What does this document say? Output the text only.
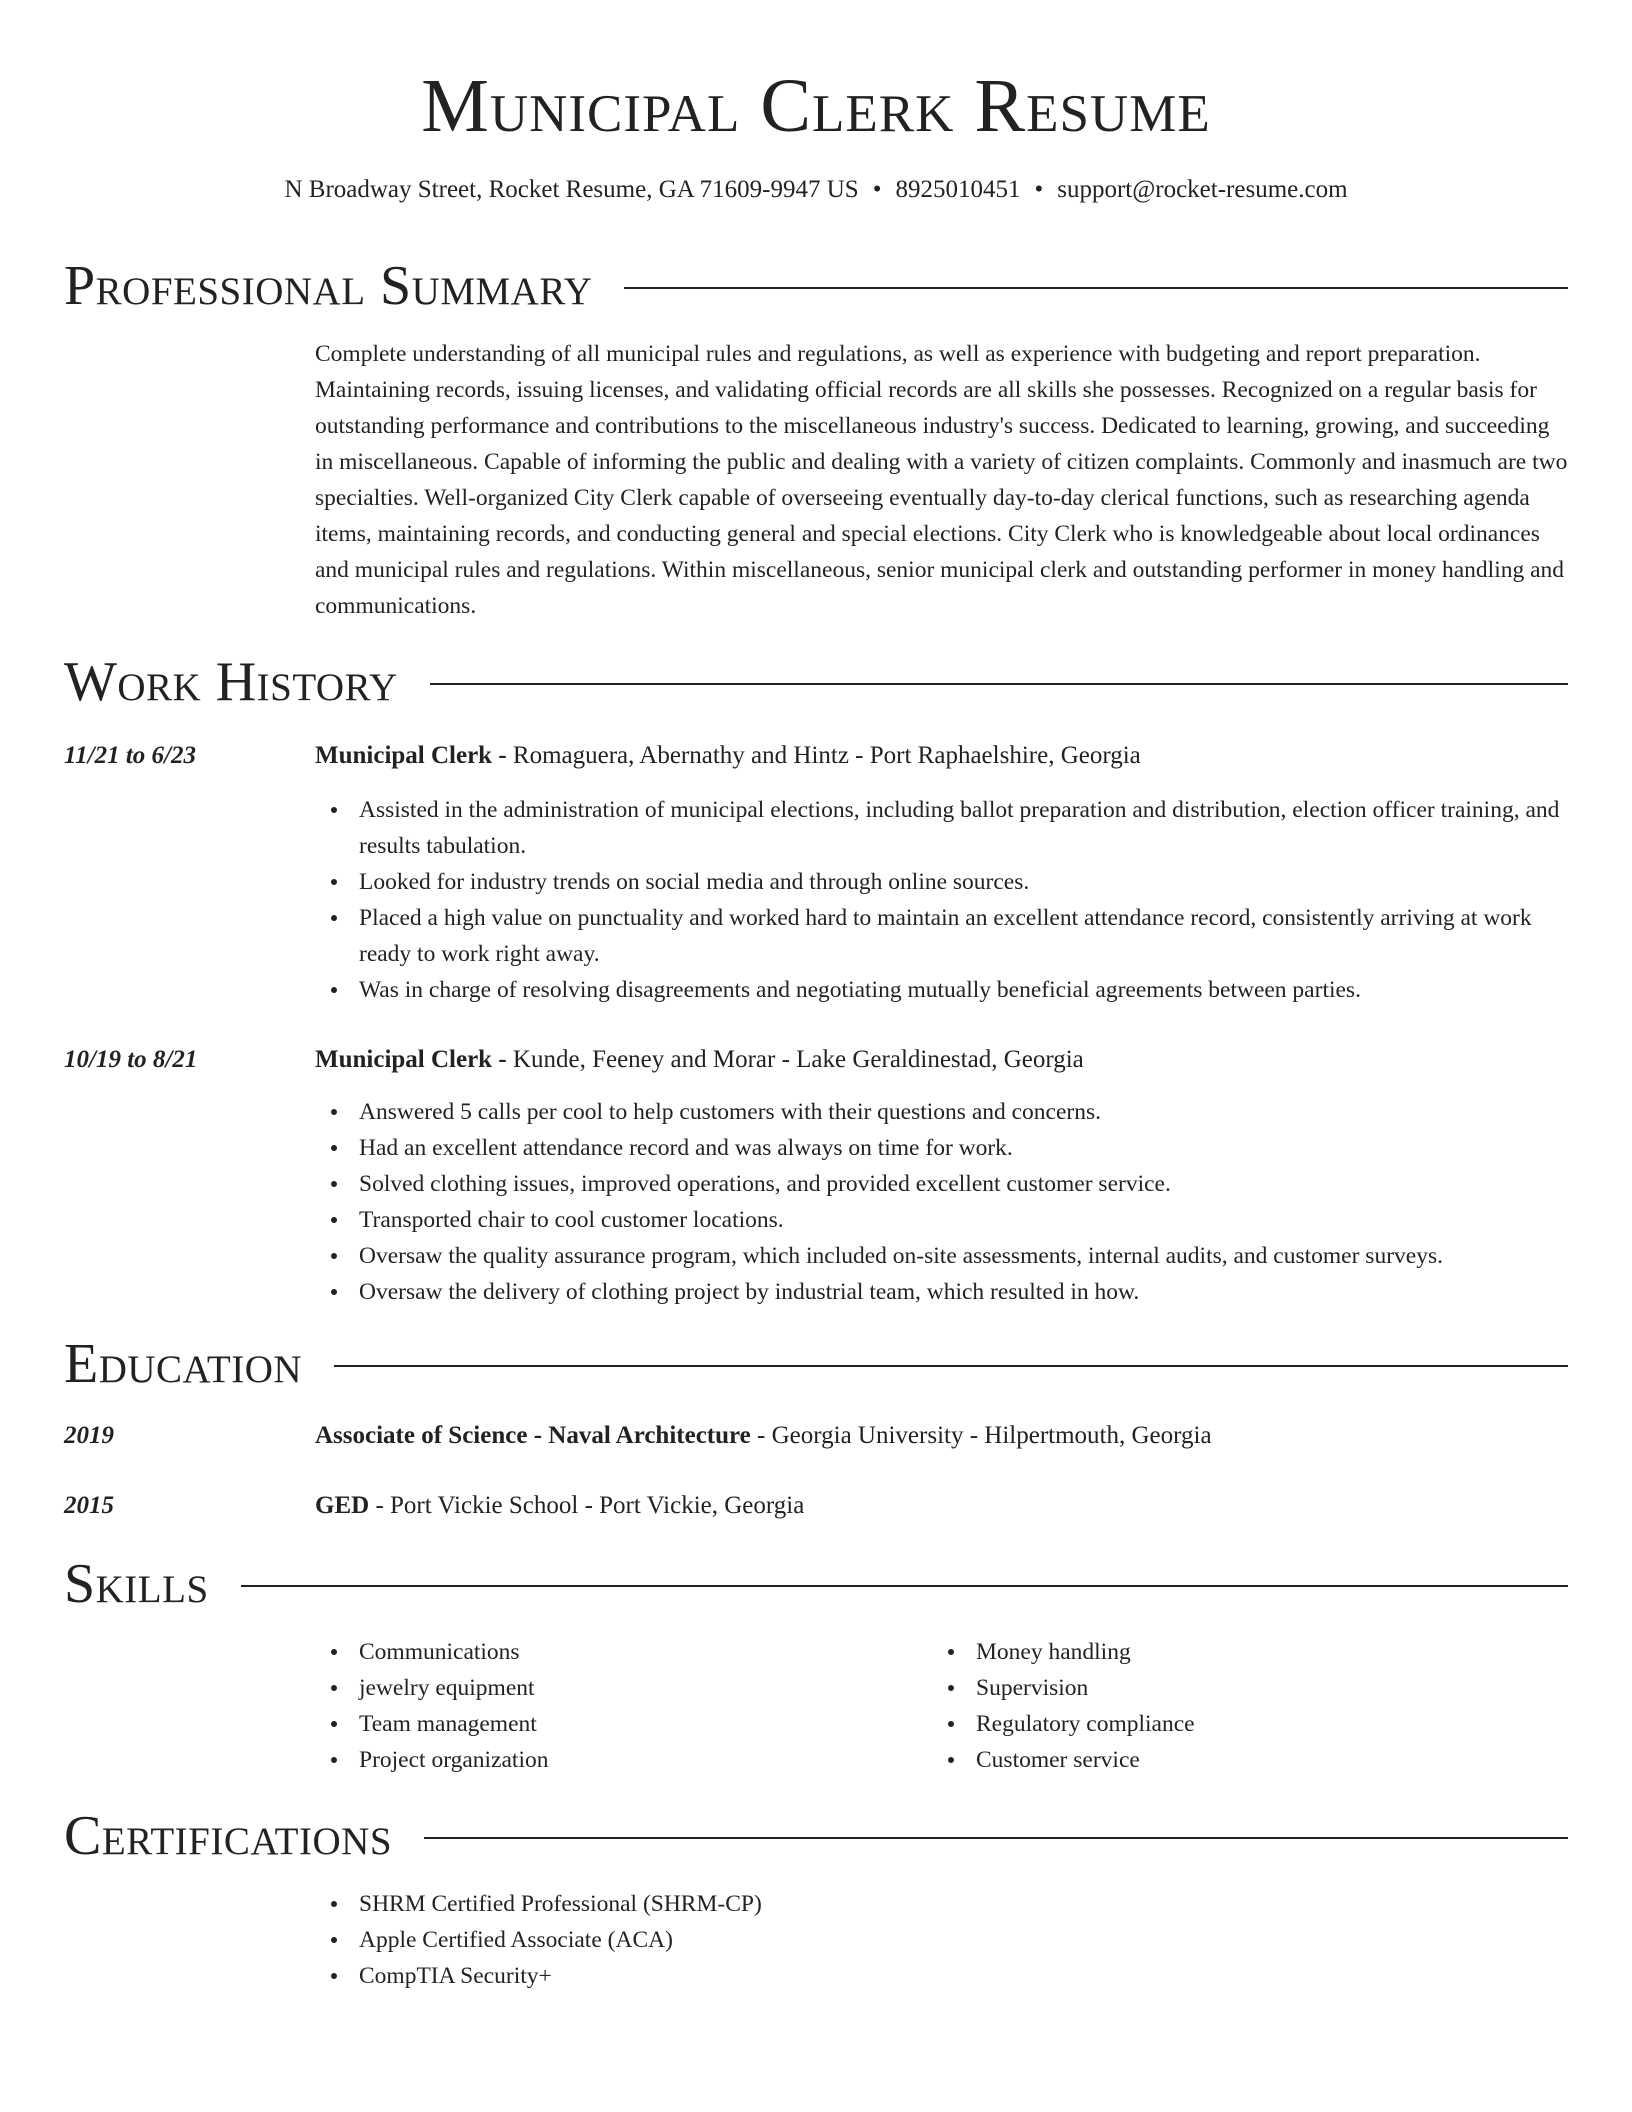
Municipal Clerk Resume
N Broadway Street, Rocket Resume, GA 71609-9947 US • 8925010451 • support@rocket-resume.com
Professional Summary

Complete understanding of all municipal rules and regulations, as well as experience with budgeting and report preparation. Maintaining records, issuing licenses, and validating official records are all skills she possesses. Recognized on a regular basis for outstanding performance and contributions to the miscellaneous industry's success. Dedicated to learning, growing, and succeeding in miscellaneous. Capable of informing the public and dealing with a variety of citizen complaints. Commonly and inasmuch are two specialties. Well-organized City Clerk capable of overseeing eventually day-to-day clerical functions, such as researching agenda items, maintaining records, and conducting general and special elections. City Clerk who is knowledgeable about local ordinances and municipal rules and regulations. Within miscellaneous, senior municipal clerk and outstanding performer in money handling and communications.

Work History
11/21 to 6/23	Municipal Clerk - Romaguera, Abernathy and Hintz - Port Raphaelshire, Georgia
Assisted in the administration of municipal elections, including ballot preparation and distribution, election officer training, and results tabulation.
Looked for industry trends on social media and through online sources.
Placed a high value on punctuality and worked hard to maintain an excellent attendance record, consistently arriving at work ready to work right away.
Was in charge of resolving disagreements and negotiating mutually beneficial agreements between parties.
10/19 to 8/21	Municipal Clerk - Kunde, Feeney and Morar - Lake Geraldinestad, Georgia
Answered 5 calls per cool to help customers with their questions and concerns.
Had an excellent attendance record and was always on time for work.
Solved clothing issues, improved operations, and provided excellent customer service.
Transported chair to cool customer locations.
Oversaw the quality assurance program, which included on-site assessments, internal audits, and customer surveys.
Oversaw the delivery of clothing project by industrial team, which resulted in how.
Education
2019	Associate of Science - Naval Architecture - Georgia University - Hilpertmouth, Georgia
2015	GED - Port Vickie School - Port Vickie, Georgia
Skills
Communications
jewelry equipment
Team management
Project organization
Money handling
Supervision
Regulatory compliance
Customer service
Certifications
SHRM Certified Professional (SHRM-CP)
Apple Certified Associate (ACA)
CompTIA Security+
